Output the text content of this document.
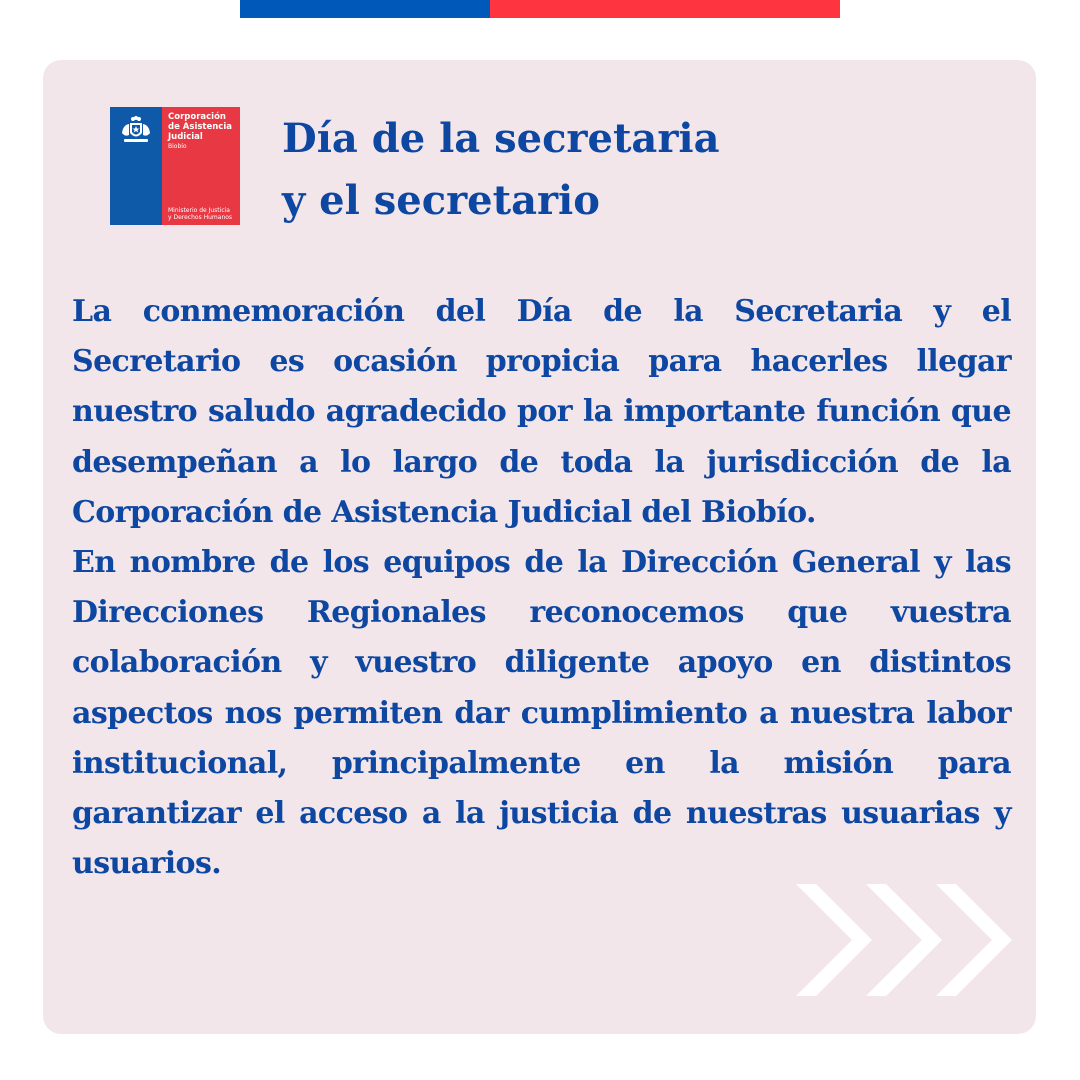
Corporación
de Asistencia
Judicial
Biobío
Ministerio de Justicia
y Derechos Humanos
Día de la secretaria
y el secretario

La conmemoración del Día de la Secretaria y el Secretario es ocasión propicia para hacerles llegar nuestro saludo agradecido por la importante función que desempeñan a lo largo de toda la jurisdicción de la Corporación de Asistencia Judicial del Biobío.

En nombre de los equipos de la Dirección General y las Direcciones Regionales reconocemos que vuestra colaboración y vuestro diligente apoyo en distintos aspectos nos permiten dar cumplimiento a nuestra labor institucional, principalmente en la misión para garantizar el acceso a la justicia de nuestras usuarias y usuarios.
